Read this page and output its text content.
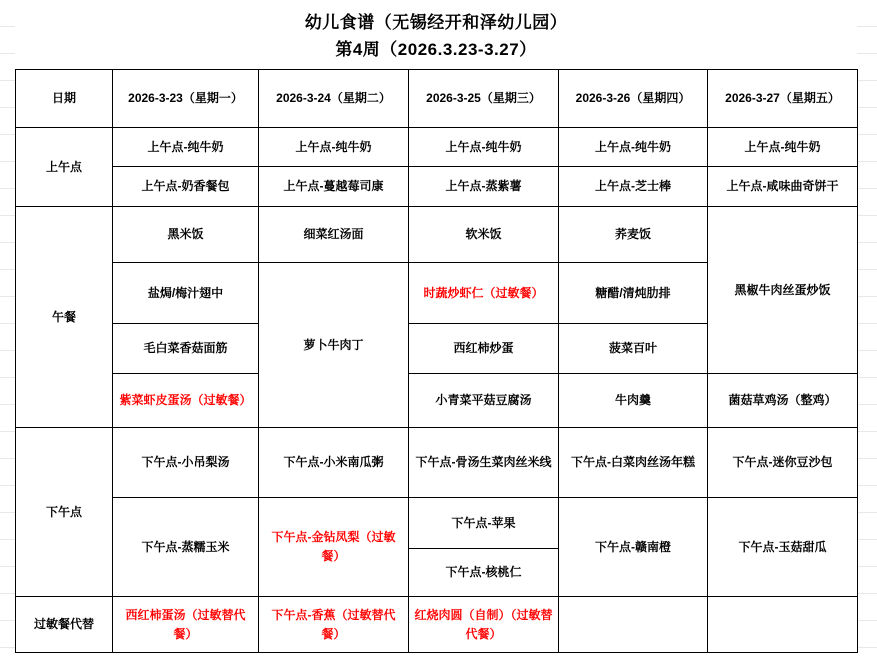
幼儿食谱（无锡经开和泽幼儿园）
第4周（2026.3.23-3.27）
日期	2026-3-23（星期一）	2026-3-24（星期二）	2026-3-25（星期三）	2026-3-26（星期四）	2026-3-27（星期五）
上午点	上午点-纯牛奶	上午点-纯牛奶	上午点-纯牛奶	上午点-纯牛奶	上午点-纯牛奶
	上午点-奶香餐包	上午点-蔓越莓司康	上午点-蒸紫薯	上午点-芝士棒	上午点-咸味曲奇饼干
午餐	黑米饭	细菜红汤面	软米饭	荞麦饭	黑椒牛肉丝蛋炒饭
	盐焗/梅汁翅中	萝卜牛肉丁	时蔬炒虾仁（过敏餐）	糖醋/清炖肋排	
	毛白菜香菇面筋		西红柿炒蛋	菠菜百叶	
	紫菜虾皮蛋汤（过敏餐）		小青菜平菇豆腐汤	牛肉羹	菌菇草鸡汤（整鸡）
下午点	下午点-小吊梨汤	下午点-小米南瓜粥	下午点-骨汤生菜肉丝米线	下午点-白菜肉丝汤年糕	下午点-迷你豆沙包
	下午点-蒸糯玉米	下午点-金钻凤梨（过敏餐）	下午点-苹果	下午点-赣南橙	下午点-玉菇甜瓜
			下午点-核桃仁		
过敏餐代替	西红柿蛋汤（过敏替代餐）	下午点-香蕉（过敏替代餐）	红烧肉圆（自制）（过敏替代餐）		
